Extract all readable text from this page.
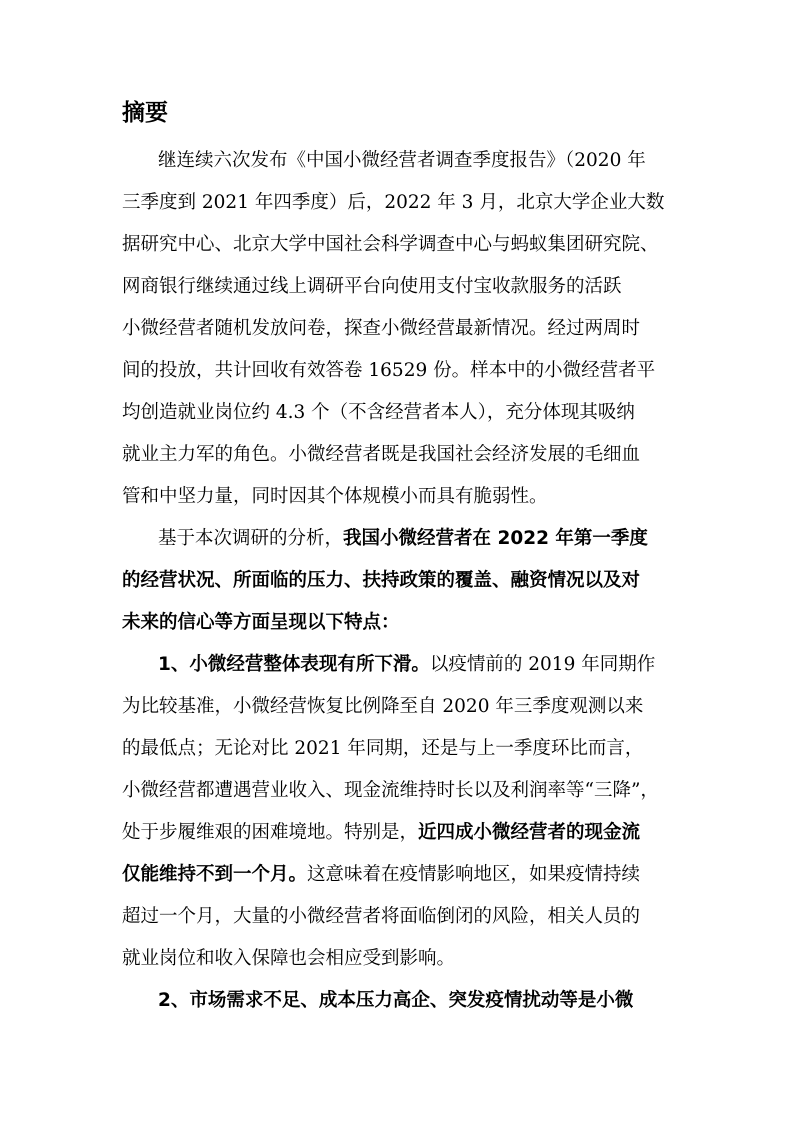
摘要
继连续六次发布《中国小微经营者调查季度报告》（2020 年
三季度到 2021 年四季度）后，2022 年 3 月，北京大学企业大数
据研究中心、北京大学中国社会科学调查中心与蚂蚁集团研究院、
网商银行继续通过线上调研平台向使用支付宝收款服务的活跃
小微经营者随机发放问卷，探查小微经营最新情况。经过两周时
间的投放，共计回收有效答卷 16529 份。样本中的小微经营者平
均创造就业岗位约 4.3 个（不含经营者本人），充分体现其吸纳
就业主力军的角色。小微经营者既是我国社会经济发展的毛细血
管和中坚力量，同时因其个体规模小而具有脆弱性。
基于本次调研的分析，我国小微经营者在 2022 年第一季度
的经营状况、所面临的压力、扶持政策的覆盖、融资情况以及对
未来的信心等方面呈现以下特点：
1、小微经营整体表现有所下滑。以疫情前的 2019 年同期作
为比较基准，小微经营恢复比例降至自 2020 年三季度观测以来
的最低点；无论对比 2021 年同期，还是与上一季度环比而言，
小微经营都遭遇营业收入、现金流维持时长以及利润率等“三降”，
处于步履维艰的困难境地。特别是，近四成小微经营者的现金流
仅能维持不到一个月。这意味着在疫情影响地区，如果疫情持续
超过一个月，大量的小微经营者将面临倒闭的风险，相关人员的
就业岗位和收入保障也会相应受到影响。
2、市场需求不足、成本压力高企、突发疫情扰动等是小微
